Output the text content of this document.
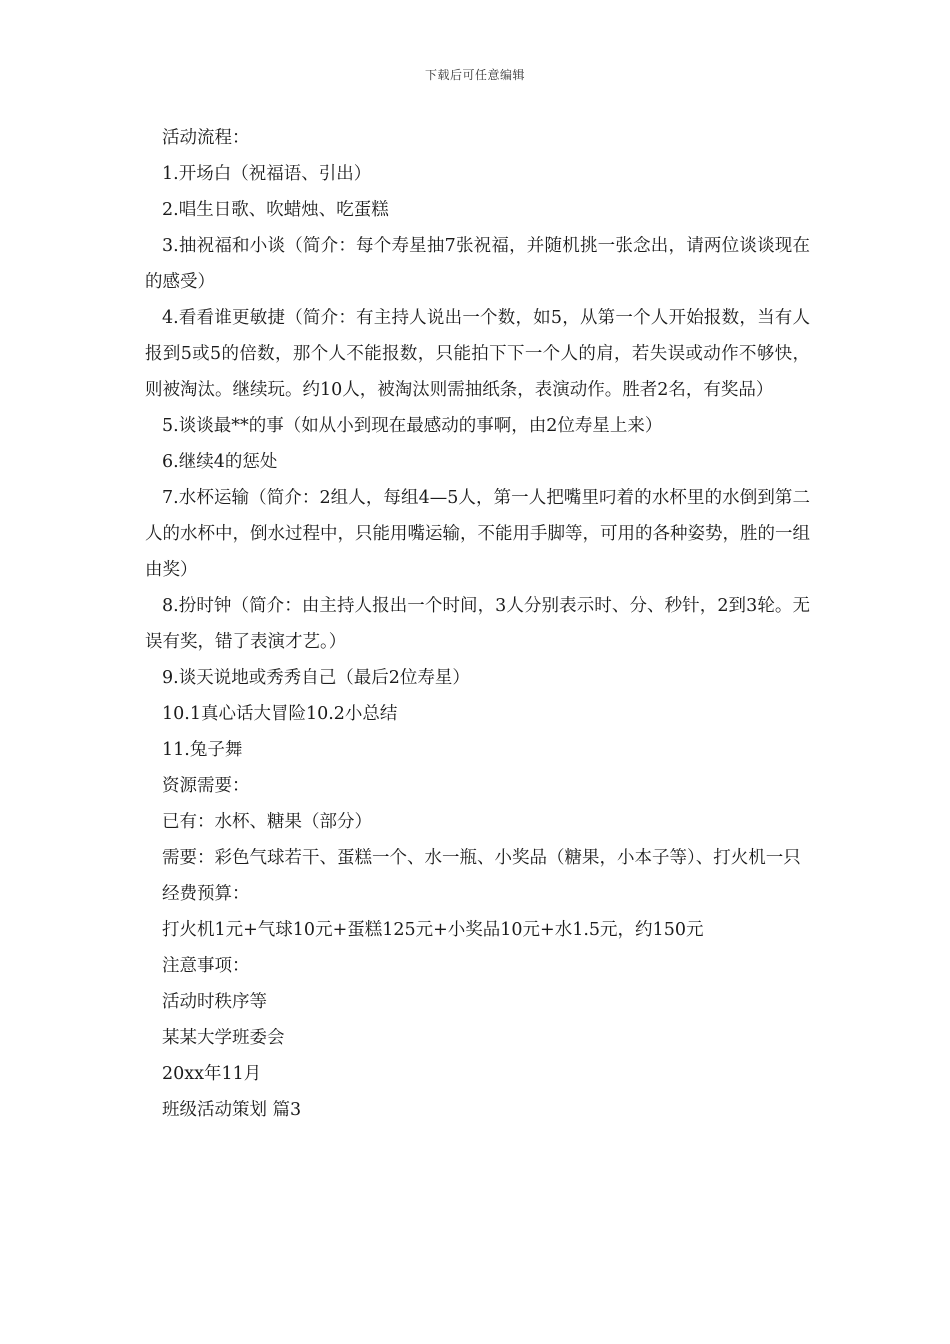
下载后可任意编辑

活动流程：

1.开场白（祝福语、引出）

2.唱生日歌、吹蜡烛、吃蛋糕

3.抽祝福和小谈（简介：每个寿星抽7张祝福，并随机挑一张念出，请两位谈谈现在的感受）

4.看看谁更敏捷（简介：有主持人说出一个数，如5，从第一个人开始报数，当有人报到5或5的倍数，那个人不能报数，只能拍下下一个人的肩，若失误或动作不够快，则被淘汰。继续玩。约10人，被淘汰则需抽纸条，表演动作。胜者2名，有奖品）

5.谈谈最**的事（如从小到现在最感动的事啊，由2位寿星上来）

6.继续4的惩处

7.水杯运输（简介：2组人，每组4—5人，第一人把嘴里叼着的水杯里的水倒到第二人的水杯中，倒水过程中，只能用嘴运输，不能用手脚等，可用的各种姿势，胜的一组由奖）

8.扮时钟（简介：由主持人报出一个时间，3人分别表示时、分、秒针，2到3轮。无误有奖，错了表演才艺。）

9.谈天说地或秀秀自己（最后2位寿星）

10.1真心话大冒险10.2小总结

11.兔子舞

资源需要：

已有：水杯、糖果（部分）

需要：彩色气球若干、蛋糕一个、水一瓶、小奖品（糖果，小本子等）、打火机一只

经费预算：

打火机1元+气球10元+蛋糕125元+小奖品10元+水1.5元，约150元

注意事项：

活动时秩序等

某某大学班委会

20xx年11月

班级活动策划 篇3
